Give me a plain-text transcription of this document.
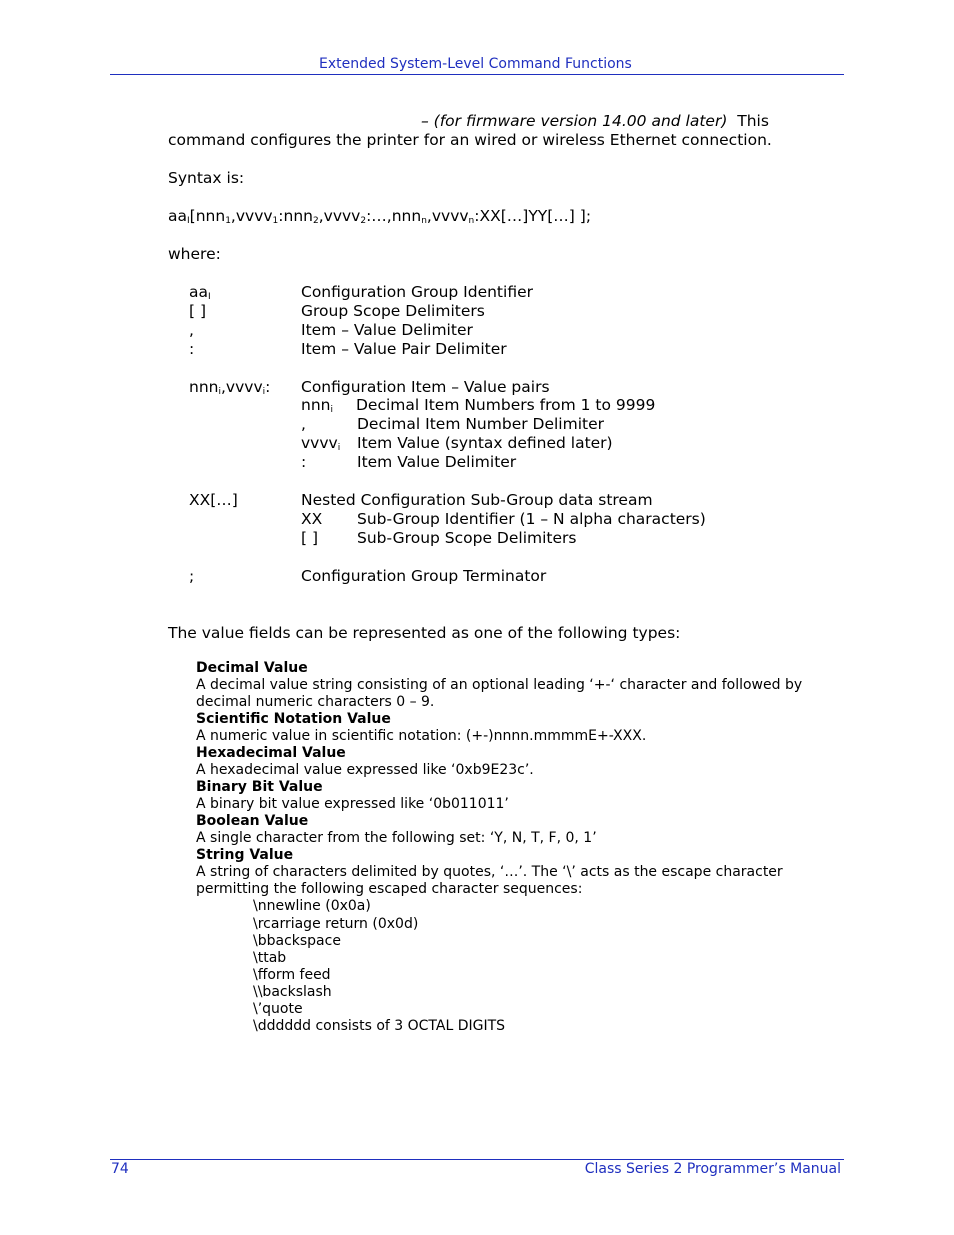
Extended System-Level Command Functions
– (for firmware version 14.00 and later) This
command configures the printer for an wired or wireless Ethernet connection.
Syntax is:
$aa_I[nnn_1,vvvv_1:nnn_2,vvvv_2:\dots,nnn_n,vvvv_n:XX[\dots]YY[\dots]$ ];
where:
$aa_I$	Configuration Group Identifier
[ ]	Group Scope Delimiters
,	Item – Value Delimiter
:	Item – Value Pair Delimiter
nnn$_i$,vvvv$_i$: Configuration Item – Value pairs
nnn$_i$ Decimal Item Numbers from 1 to 9999
,	Decimal Item Number Delimiter
vvvv$_i$ Item Value (syntax defined later)
:	Item Value Delimiter
XX[…]	Nested Configuration Sub-Group data stream
XX Sub-Group Identifier (1 – N alpha characters)
[ ]	Sub-Group Scope Delimiters
;	Configuration Group Terminator
The value fields can be represented as one of the following types:
Decimal Value
A decimal value string consisting of an optional leading ‘+-‘ character and followed by
decimal numeric characters 0 – 9.
Scientific Notation Value
A numeric value in scientific notation: (+-)nnnn.mmmmE+-XXX.
Hexadecimal Value
A hexadecimal value expressed like ‘0xb9E23c’.
Binary Bit Value
A binary bit value expressed like ‘0b011011’
Boolean Value
A single character from the following set: ‘Y, N, T, F, 0, 1’
String Value
A string of characters delimited by quotes, ‘…’. The ‘\’ acts as the escape character
permitting the following escaped character sequences:
\nnewline (0x0a)
\rcarriage return (0x0d)
\bbackspace
\ttab
\fform feed
\\backslash
\’quote
\dddddd consists of 3 OCTAL DIGITS
74	Class Series 2 Programmer’s Manual
